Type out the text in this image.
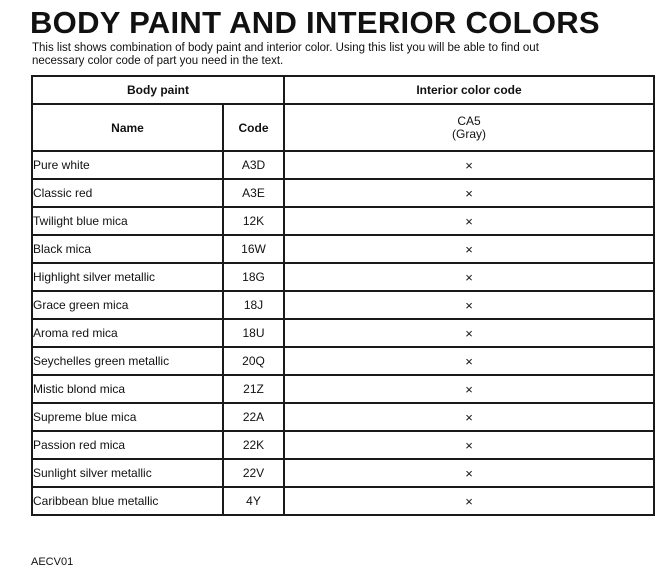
BODY PAINT AND INTERIOR COLORS
This list shows combination of body paint and interior color. Using this list you will be able to find out
necessary color code of part you need in the text.
Body paint		Interior color code
Name	Code	CA5
(Gray)

Pure white	A3D	×
Classic red	A3E	×
Twilight blue mica	12K	×
Black mica	16W	×
Highlight silver metallic	18G	×
Grace green mica	18J	×
Aroma red mica	18U	×
Seychelles green metallic	20Q	×
Mistic blond mica	21Z	×
Supreme blue mica	22A	×
Passion red mica	22K	×
Sunlight silver metallic	22V	×
Caribbean blue metallic	4Y	×
AECV01
